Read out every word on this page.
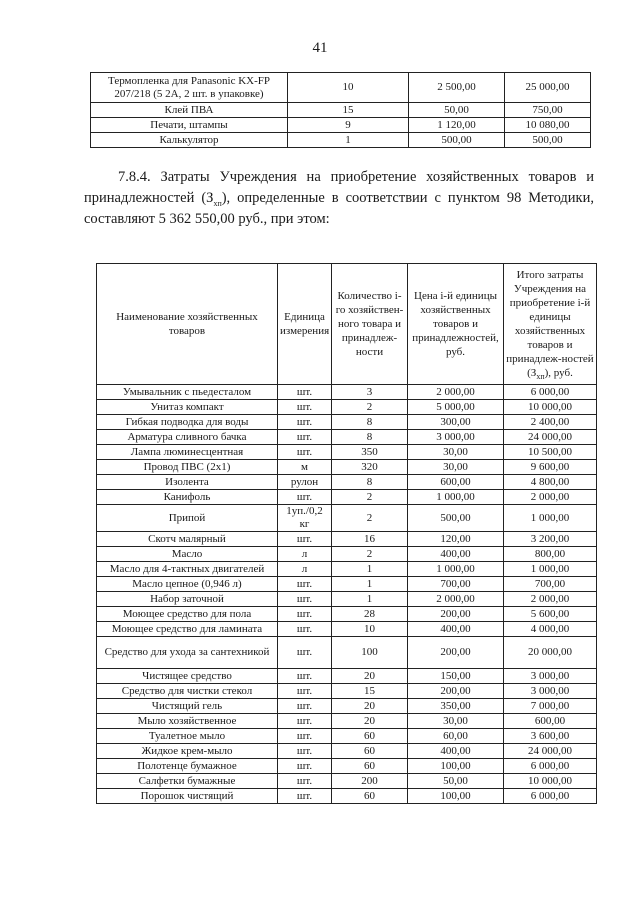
41
Термопленка для Panasonic KX-FP 207/218 (5 2A, 2 шт. в упаковке)	10	2 500,00	25 000,00
Клей ПВА	15	50,00	750,00
Печати, штампы	9	1 120,00	10 080,00
Калькулятор	1	500,00	500,00

7.8.4. Затраты Учреждения на приобретение хозяйственных товаров и принадлежностей $(З_{хп})$, определенные в соответствии с пунктом 98 Методики, составляют 5 362 550,00 руб., при этом:

Наименование хозяйственных товаров	Единица измерения	Количество i-го хозяйствен-ного товара и принадлеж-ности	Цена i-й единицы хозяйственных товаров и принадлежностей, руб.	Итого затраты Учреждения на приобретение i-й единицы хозяйственных товаров и принадлеж-ностей $(З_{хп})$, руб.
Умывальник с пьедесталом	шт.	3	2 000,00	6 000,00
Унитаз компакт	шт.	2	5 000,00	10 000,00
Гибкая подводка для воды	шт.	8	300,00	2 400,00
Арматура сливного бачка	шт.	8	3 000,00	24 000,00
Лампа люминесцентная	шт.	350	30,00	10 500,00
Провод ПВС (2х1)	м	320	30,00	9 600,00
Изолента	рулон	8	600,00	4 800,00
Канифоль	шт.	2	1 000,00	2 000,00
Припой	1уп./0,2 кг	2	500,00	1 000,00
Скотч малярный	шт.	16	120,00	3 200,00
Масло	л	2	400,00	800,00
Масло для 4-тактных двигателей	л	1	1 000,00	1 000,00
Масло цепное (0,946 л)	шт.	1	700,00	700,00
Набор заточной	шт.	1	2 000,00	2 000,00
Моющее средство для пола	шт.	28	200,00	5 600,00
Моющее средство для ламината	шт.	10	400,00	4 000,00
Средство для ухода за сантехникой	шт.	100	200,00	20 000,00
Чистящее средство	шт.	20	150,00	3 000,00
Средство для чистки стекол	шт.	15	200,00	3 000,00
Чистящий гель	шт.	20	350,00	7 000,00
Мыло хозяйственное	шт.	20	30,00	600,00
Туалетное мыло	шт.	60	60,00	3 600,00
Жидкое крем-мыло	шт.	60	400,00	24 000,00
Полотенце бумажное	шт.	60	100,00	6 000,00
Салфетки бумажные	шт.	200	50,00	10 000,00
Порошок чистящий	шт.	60	100,00	6 000,00
